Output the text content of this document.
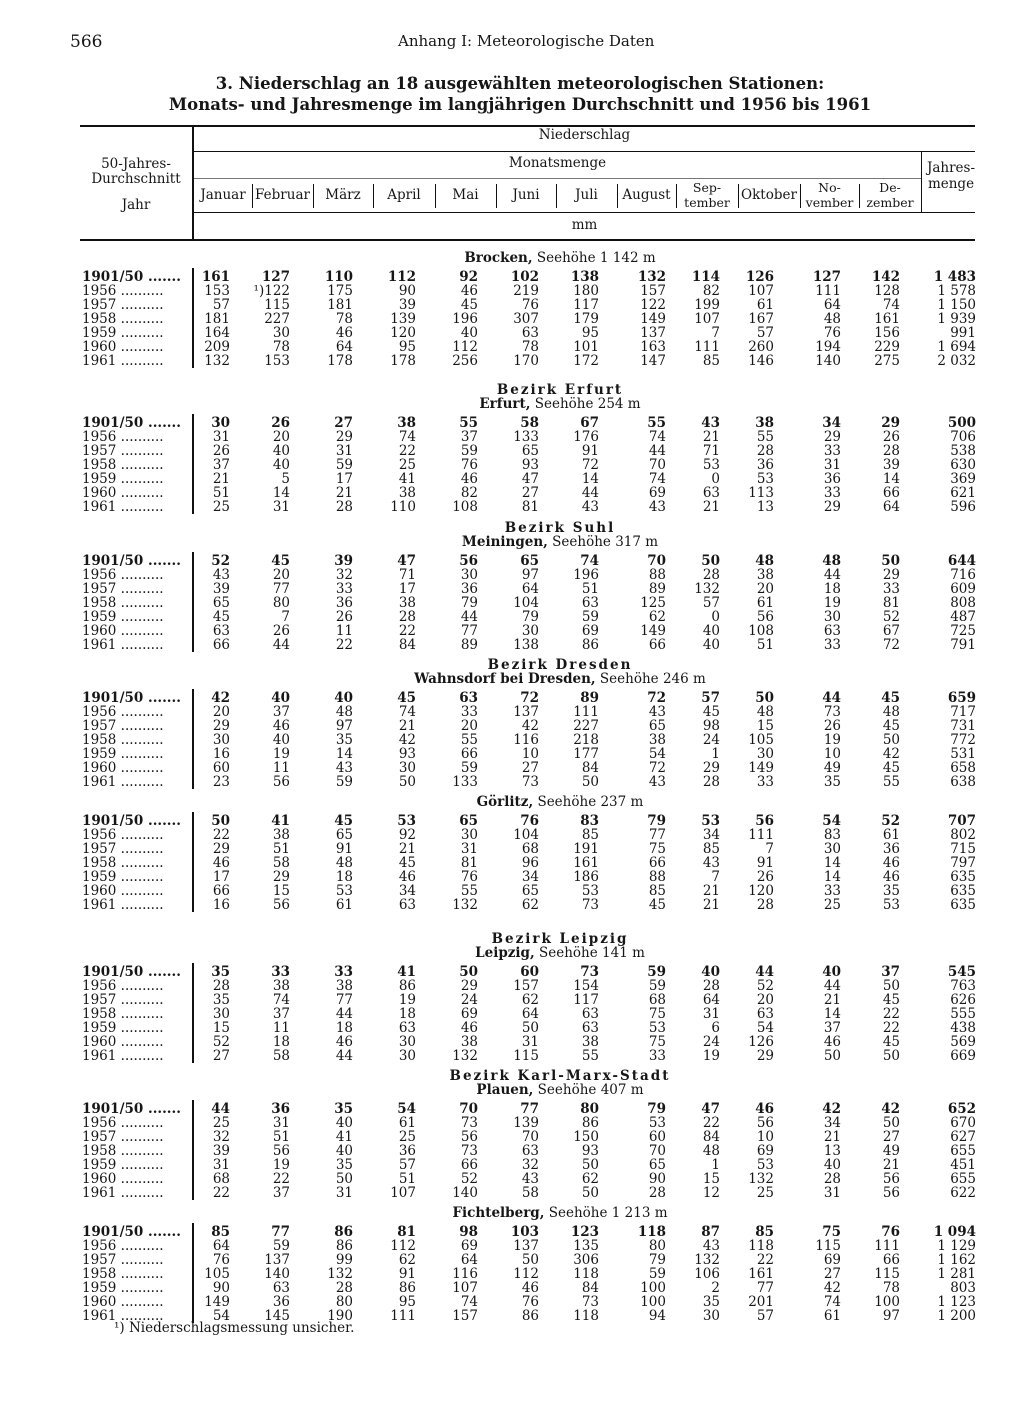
566	Anhang I: Meteorologische Daten
3. Niederschlag an 18 ausgewählten meteorologischen Stationen:
Monats- und Jahresmenge im langjährigen Durchschnitt und 1956 bis 1961
50-Jahres-
Durchschnitt
Jahr
Niederschlag
Monatsmenge	Jahres-
menge
mm
Januar Februar	März	April	Mai	Juni	Juli	August	Sep-
tember Oktober	No-
vember
De-
zember
Brocken, Seehöhe 1 142 m
1901/50 .......	161	127	110	112	92	102	138	132	114	126	127	142	1 483
1956 ..........	153	¹)122	175	90	46	219	180	157	82	107	111	128	1 578
1957 ..........	57	115	181	39	45	76	117	122	199	61	64	74	1 150
1958 ..........	181	227	78	139	196	307	179	149	107	167	48	161	1 939
1959 ..........	164	30	46	120	40	63	95	137	7	57	76	156	991
1960 ..........	209	78	64	95	112	78	101	163	111	260	194	229	1 694
1961 ..........	132	153	178	178	256	170	172	147	85	146	140	275	2 032
Bezirk Erfurt
Erfurt, Seehöhe 254 m
1901/50 .......	30	26	27	38	55	58	67	55	43	38	34	29	500
1956 ..........	31	20	29	74	37	133	176	74	21	55	29	26	706
1957 ..........	26	40	31	22	59	65	91	44	71	28	33	28	538
1958 ..........	37	40	59	25	76	93	72	70	53	36	31	39	630
1959 ..........	21	5	17	41	46	47	14	74	0	53	36	14	369
1960 ..........	51	14	21	38	82	27	44	69	63	113	33	66	621
1961 ..........	25	31	28	110	108	81	43	43	21	13	29	64	596
Bezirk Suhl
Meiningen, Seehöhe 317 m
1901/50 .......	52	45	39	47	56	65	74	70	50	48	48	50	644
1956 ..........	43	20	32	71	30	97	196	88	28	38	44	29	716
1957 ..........	39	77	33	17	36	64	51	89	132	20	18	33	609
1958 ..........	65	80	36	38	79	104	63	125	57	61	19	81	808
1959 ..........	45	7	26	28	44	79	59	62	0	56	30	52	487
1960 ..........	63	26	11	22	77	30	69	149	40	108	63	67	725
1961 ..........	66	44	22	84	89	138	86	66	40	51	33	72	791
Bezirk Dresden
Wahnsdorf bei Dresden, Seehöhe 246 m
1901/50 .......	42	40	40	45	63	72	89	72	57	50	44	45	659
1956 ..........	20	37	48	74	33	137	111	43	45	48	73	48	717
1957 ..........	29	46	97	21	20	42	227	65	98	15	26	45	731
1958 ..........	30	40	35	42	55	116	218	38	24	105	19	50	772
1959 ..........	16	19	14	93	66	10	177	54	1	30	10	42	531
1960 ..........	60	11	43	30	59	27	84	72	29	149	49	45	658
1961 ..........	23	56	59	50	133	73	50	43	28	33	35	55	638
Görlitz, Seehöhe 237 m
1901/50 .......	50	41	45	53	65	76	83	79	53	56	54	52	707
1956 ..........	22	38	65	92	30	104	85	77	34	111	83	61	802
1957 ..........	29	51	91	21	31	68	191	75	85	7	30	36	715
1958 ..........	46	58	48	45	81	96	161	66	43	91	14	46	797
1959 ..........	17	29	18	46	76	34	186	88	7	26	14	46	635
1960 ..........	66	15	53	34	55	65	53	85	21	120	33	35	635
1961 ..........	16	56	61	63	132	62	73	45	21	28	25	53	635
Bezirk Leipzig
Leipzig, Seehöhe 141 m
1901/50 .......	35	33	33	41	50	60	73	59	40	44	40	37	545
1956 ..........	28	38	38	86	29	157	154	59	28	52	44	50	763
1957 ..........	35	74	77	19	24	62	117	68	64	20	21	45	626
1958 ..........	30	37	44	18	69	64	63	75	31	63	14	22	555
1959 ..........	15	11	18	63	46	50	63	53	6	54	37	22	438
1960 ..........	52	18	46	30	38	31	38	75	24	126	46	45	569
1961 ..........	27	58	44	30	132	115	55	33	19	29	50	50	669
Bezirk Karl-Marx-Stadt
Plauen, Seehöhe 407 m
1901/50 .......	44	36	35	54	70	77	80	79	47	46	42	42	652
1956 ..........	25	31	40	61	73	139	86	53	22	56	34	50	670
1957 ..........	32	51	41	25	56	70	150	60	84	10	21	27	627
1958 ..........	39	56	40	36	73	63	93	70	48	69	13	49	655
1959 ..........	31	19	35	57	66	32	50	65	1	53	40	21	451
1960 ..........	68	22	50	51	52	43	62	90	15	132	28	56	655
1961 ..........	22	37	31	107	140	58	50	28	12	25	31	56	622
Fichtelberg, Seehöhe 1 213 m
1901/50 .......	85	77	86	81	98	103	123	118	87	85	75	76	1 094
1956 ..........	64	59	86	112	69	137	135	80	43	118	115	111	1 129
1957 ..........	76	137	99	62	64	50	306	79	132	22	69	66	1 162
1958 ..........	105	140	132	91	116	112	118	59	106	161	27	115	1 281
1959 ..........	90	63	28	86	107	46	84	100	2	77	42	78	803
1960 ..........	149	36	80	95	74	76	73	100	35	201	74	100	1 123
1961 ..........	54	145	190	111	157	86	118	94	30	57	61	97	1 200
¹) Niederschlagsmessung unsicher.
